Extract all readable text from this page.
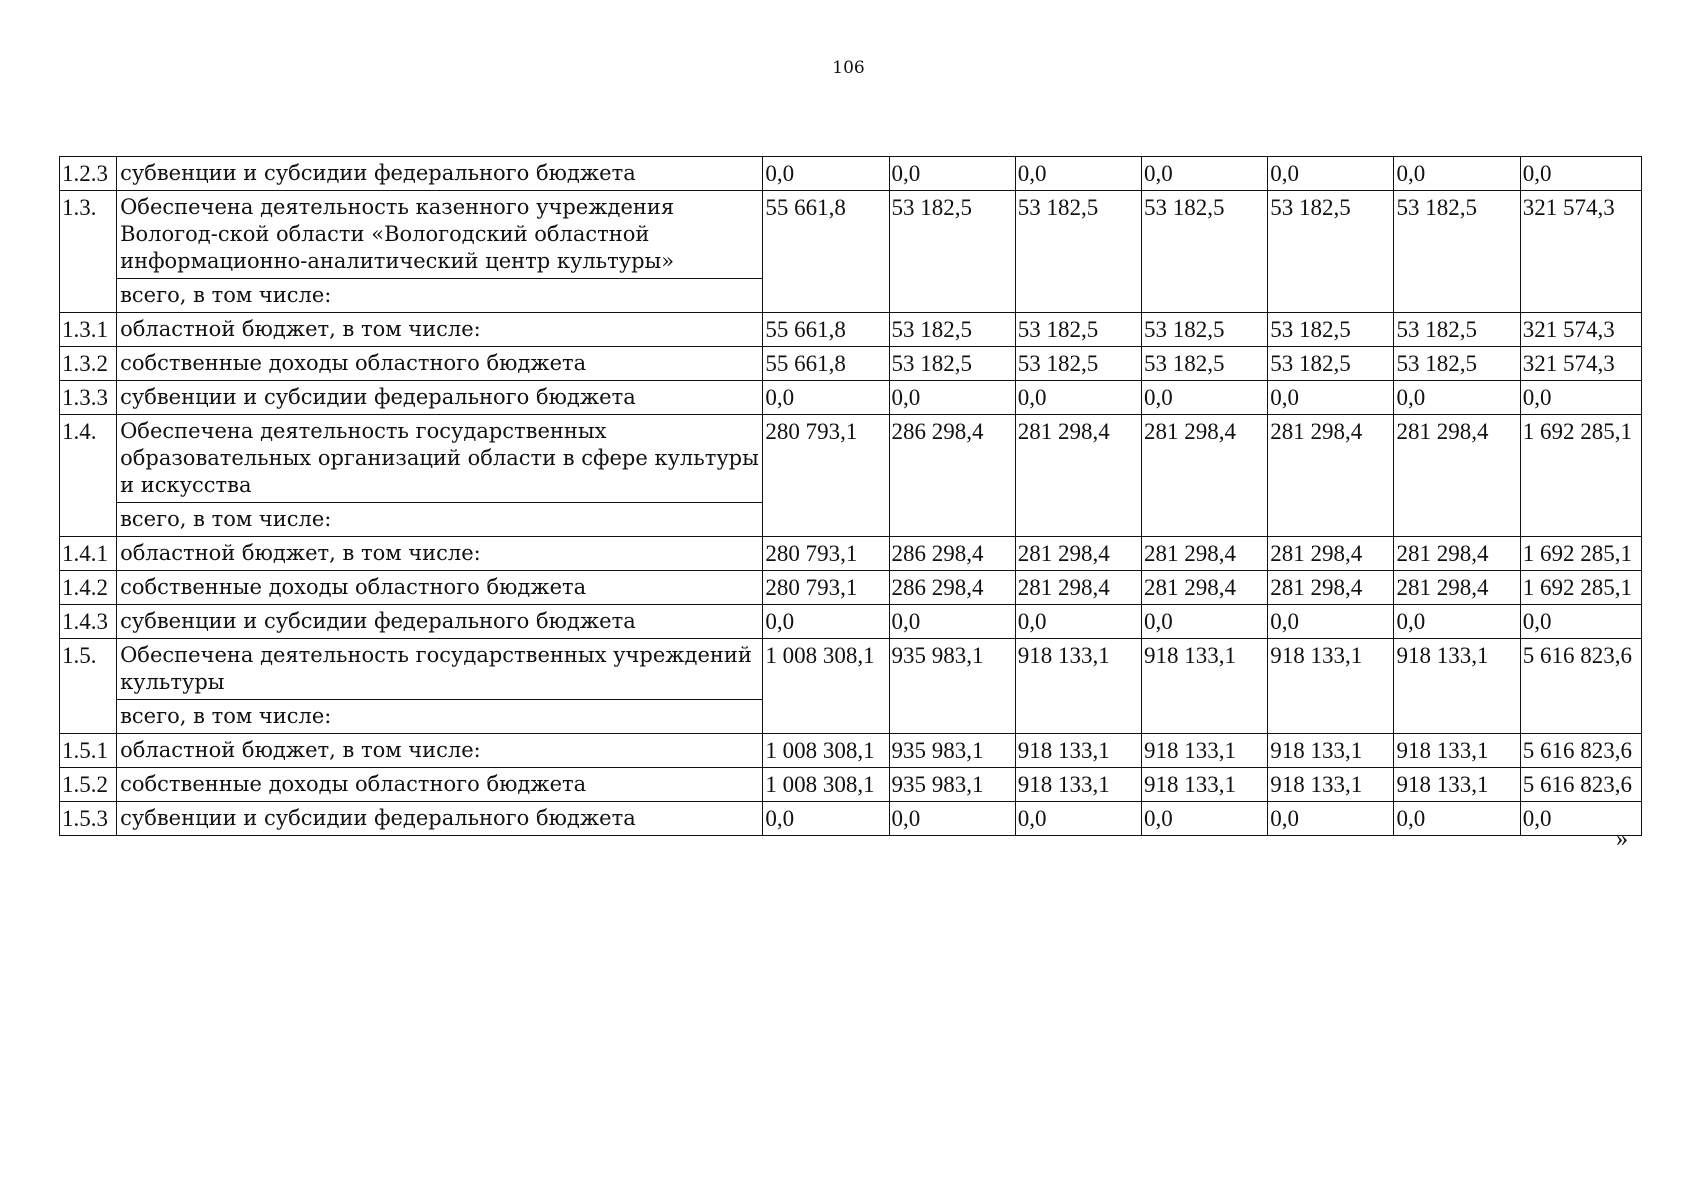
106
1.2.3	субвенции и субсидии федерального бюджета	0,0	0,0	0,0	0,0	0,0	0,0	0,0
1.3.	Обеспечена деятельность казенного учреждения Вологод-ской области «Вологодский областной информационно-аналитический центр культуры»	55 661,8	53 182,5	53 182,5	53 182,5	53 182,5	53 182,5	321 574,3
	всего, в том числе:							
1.3.1	областной бюджет, в том числе:	55 661,8	53 182,5	53 182,5	53 182,5	53 182,5	53 182,5	321 574,3
1.3.2	собственные доходы областного бюджета	55 661,8	53 182,5	53 182,5	53 182,5	53 182,5	53 182,5	321 574,3
1.3.3	субвенции и субсидии федерального бюджета	0,0	0,0	0,0	0,0	0,0	0,0	0,0
1.4.	Обеспечена деятельность государственных образовательных организаций области в сфере культуры и искусства	280 793,1	286 298,4	281 298,4	281 298,4	281 298,4	281 298,4	1 692 285,1
	всего, в том числе:							
1.4.1	областной бюджет, в том числе:	280 793,1	286 298,4	281 298,4	281 298,4	281 298,4	281 298,4	1 692 285,1
1.4.2	собственные доходы областного бюджета	280 793,1	286 298,4	281 298,4	281 298,4	281 298,4	281 298,4	1 692 285,1
1.4.3	субвенции и субсидии федерального бюджета	0,0	0,0	0,0	0,0	0,0	0,0	0,0
1.5.	Обеспечена деятельность государственных учреждений культуры	1 008 308,1	935 983,1	918 133,1	918 133,1	918 133,1	918 133,1	5 616 823,6
	всего, в том числе:							
1.5.1	областной бюджет, в том числе:	1 008 308,1	935 983,1	918 133,1	918 133,1	918 133,1	918 133,1	5 616 823,6
1.5.2	собственные доходы областного бюджета	1 008 308,1	935 983,1	918 133,1	918 133,1	918 133,1	918 133,1	5 616 823,6
1.5.3	субвенции и субсидии федерального бюджета	0,0	0,0	0,0	0,0	0,0	0,0	0,0
»
